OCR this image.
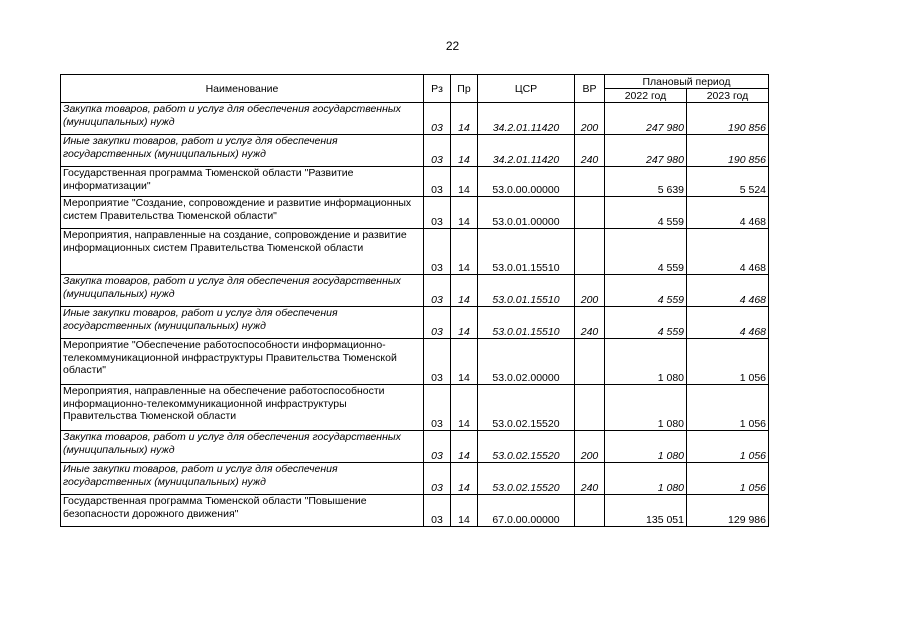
22
Наименование	Рз	Пр	ЦСР	ВР	Плановый период	
					2022 год	2023 год
Закупка товаров, работ и услуг для обеспечения государственных (муниципальных) нужд	03	14	34.2.01.11420	200	247 980	190 856
Иные закупки товаров, работ и услуг для обеспечения государственных (муниципальных) нужд	03	14	34.2.01.11420	240	247 980	190 856
Государственная программа Тюменской области "Развитие информатизации"	03	14	53.0.00.00000		5 639	5 524
Мероприятие "Создание, сопровождение и развитие информационных систем Правительства Тюменской области"	03	14	53.0.01.00000		4 559	4 468
Мероприятия, направленные на создание, сопровождение и развитие информационных систем Правительства Тюменской области	03	14	53.0.01.15510		4 559	4 468
Закупка товаров, работ и услуг для обеспечения государственных (муниципальных) нужд	03	14	53.0.01.15510	200	4 559	4 468
Иные закупки товаров, работ и услуг для обеспечения государственных (муниципальных) нужд	03	14	53.0.01.15510	240	4 559	4 468
Мероприятие "Обеспечение работоспособности информационно-телекоммуникационной инфраструктуры Правительства Тюменской области"	03	14	53.0.02.00000		1 080	1 056
Мероприятия, направленные на обеспечение работоспособности информационно-телекоммуникационной инфраструктуры Правительства Тюменской области	03	14	53.0.02.15520		1 080	1 056
Закупка товаров, работ и услуг для обеспечения государственных (муниципальных) нужд	03	14	53.0.02.15520	200	1 080	1 056
Иные закупки товаров, работ и услуг для обеспечения государственных (муниципальных) нужд	03	14	53.0.02.15520	240	1 080	1 056
Государственная программа Тюменской области "Повышение безопасности дорожного движения"	03	14	67.0.00.00000		135 051	129 986
